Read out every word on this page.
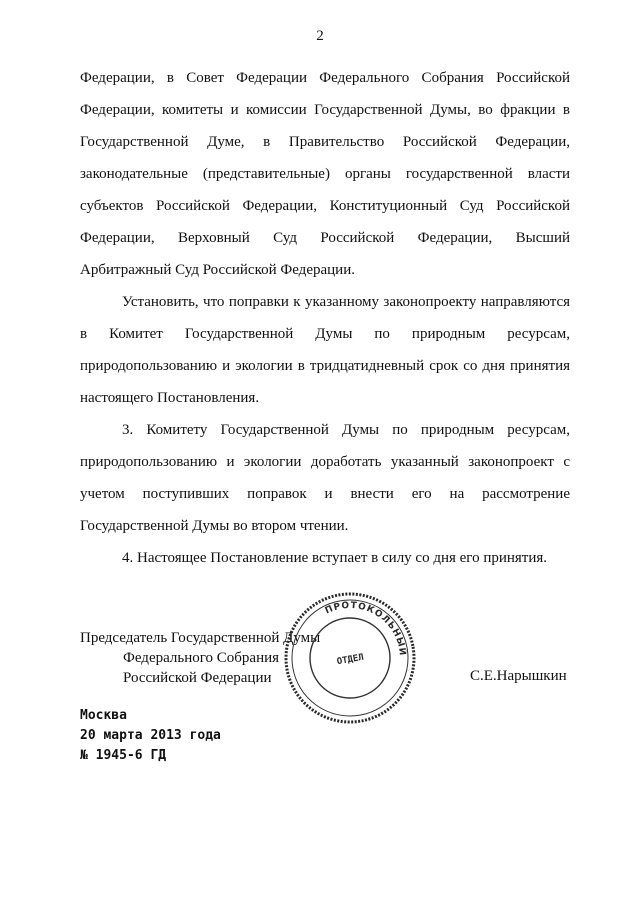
2

Федерации, в Совет Федерации Федерального Собрания Российской

Федерации, комитеты и комиссии Государственной Думы, во фракции в

Государственной Думе, в Правительство Российской Федерации,

законодательные (представительные) органы государственной власти

субъектов Российской Федерации, Конституционный Суд Российской

Федерации, Верховный Суд Российской Федерации, Высший

Арбитражный Суд Российской Федерации.

Установить, что поправки к указанному законопроекту направляются

в Комитет Государственной Думы по природным ресурсам,

природопользованию и экологии в тридцатидневный срок со дня принятия

настоящего Постановления.

3. Комитету Государственной Думы по природным ресурсам,

природопользованию и экологии доработать указанный законопроект с

учетом поступивших поправок и внести его на рассмотрение

Государственной Думы во втором чтении.

4. Настоящее Постановление вступает в силу со дня его принятия.

Председатель Государственной Думы
Федерального Собрания
Российской Федерации	С.Е.Нарышкин
ПРОТОКОЛЬНЫЙ
ОТДЕЛ
Москва
20 марта 2013 года
№ 1945-6 ГД
